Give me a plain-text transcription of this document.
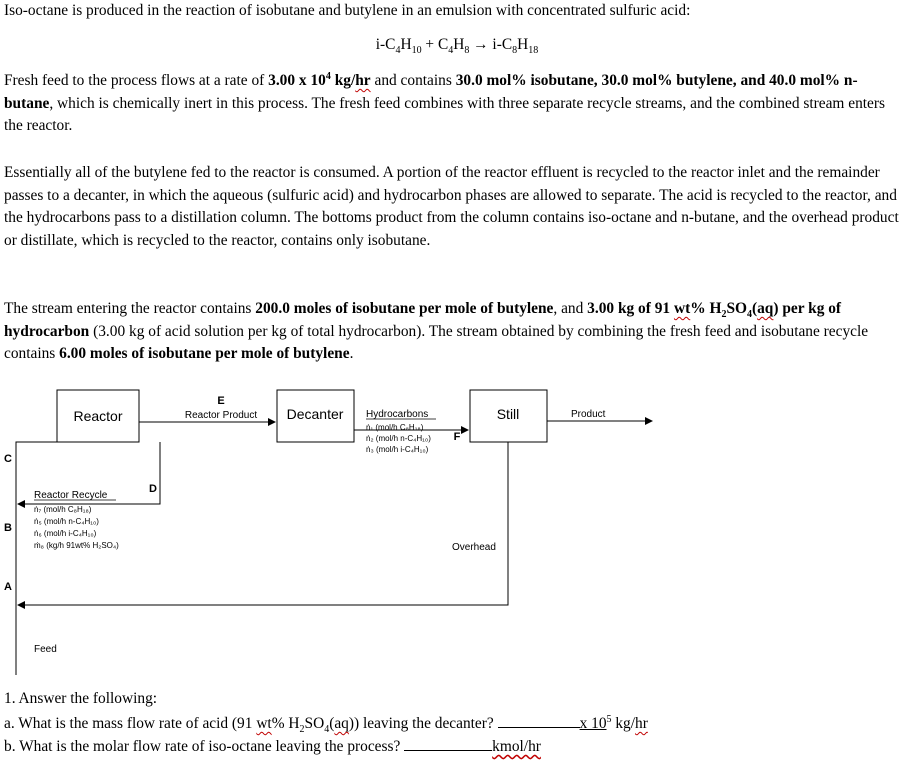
Iso-octane is produced in the reaction of isobutane and butylene in an emulsion with concentrated sulfuric acid:

$i-C_4H_{10} + C_4H_8 \to i-C_8H_{18}$

Fresh feed to the process flows at a rate of 3.00 x $10^4$ kg/hr and contains 30.0 mol% isobutane, 30.0 mol% butylene, and 40.0 mol% n-butane, which is chemically inert in this process. The fresh feed combines with three separate recycle streams, and the combined stream enters the reactor.

Essentially all of the butylene fed to the reactor is consumed. A portion of the reactor effluent is recycled to the reactor inlet and the remainder passes to a decanter, in which the aqueous (sulfuric acid) and hydrocarbon phases are allowed to separate. The acid is recycled to the reactor, and the hydrocarbons pass to a distillation column. The bottoms product from the column contains iso-octane and n-butane, and the overhead product or distillate, which is recycled to the reactor, contains only isobutane.

The stream entering the reactor contains 200.0 moles of isobutane per mole of butylene, and 3.00 kg of 91 wt% $H_2SO_4(aq)$ per kg of hydrocarbon (3.00 kg of acid solution per kg of total hydrocarbon). The stream obtained by combining the fresh feed and isobutane recycle contains 6.00 moles of isobutane per mole of butylene.

Reactor	Decanter	Still
E
Reactor Product	Hydrocarbons
ṅ₁ (mol/h C₈H₁₈)
ṅ₂ (mol/h n-C₄H₁₀)
ṅ₃ (mol/h i-C₄H₁₀)
F
Product
C
D
Reactor Recycle
ṅ₇ (mol/h C₈H₁₈)
ṅ₅ (mol/h n-C₄H₁₀)
ṅ₆ (mol/h i-C₄H₁₀)
ṁ₈ (kg/h 91wt% H₂SO₄)
B
Overhead
A
Feed
1. Answer the following:
a. What is the mass flow rate of acid (91 wt% $H_2SO_4(aq)$) leaving the decanter?	x $10^5$ kg/hr
b. What is the molar flow rate of iso-octane leaving the process?	kmol/hr
